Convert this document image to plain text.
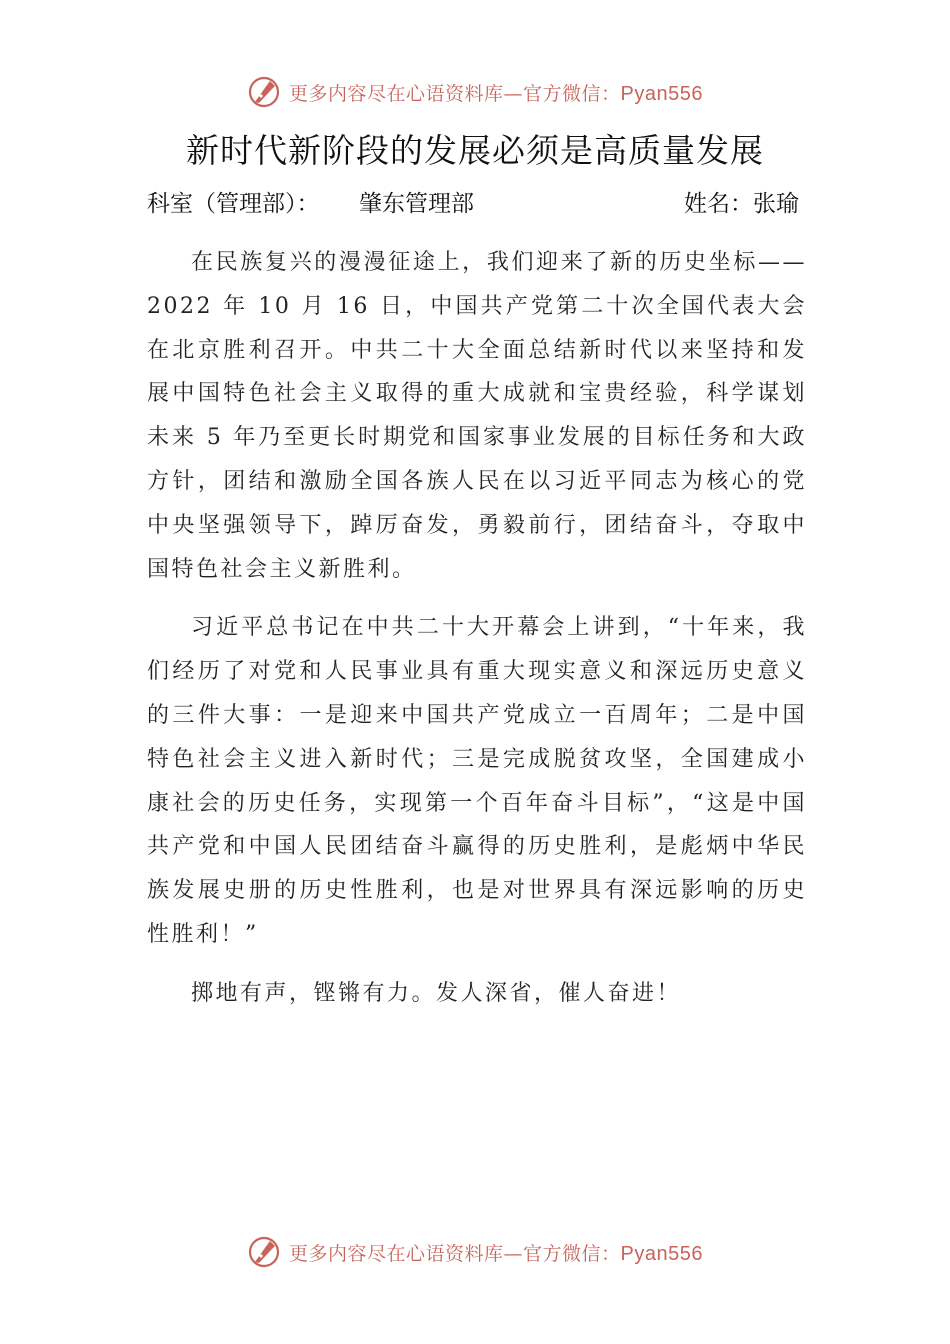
更多内容尽在心语资料库—官方微信：Pyan556
新时代新阶段的发展必须是高质量发展
科室（管理部）： 肇东管理部	姓名：张瑜

在民族复兴的漫漫征途上，我们迎来了新的历史坐标——2022 年 10 月 16 日，中国共产党第二十次全国代表大会在北京胜利召开。中共二十大全面总结新时代以来坚持和发展中国特色社会主义取得的重大成就和宝贵经验，科学谋划未来 5 年乃至更长时期党和国家事业发展的目标任务和大政方针，团结和激励全国各族人民在以习近平同志为核心的党中央坚强领导下，踔厉奋发，勇毅前行，团结奋斗，夺取中国特色社会主义新胜利。

习近平总书记在中共二十大开幕会上讲到，“十年来，我们经历了对党和人民事业具有重大现实意义和深远历史意义的三件大事：一是迎来中国共产党成立一百周年；二是中国特色社会主义进入新时代；三是完成脱贫攻坚，全国建成小康社会的历史任务，实现第一个百年奋斗目标”，“这是中国共产党和中国人民团结奋斗赢得的历史胜利，是彪炳中华民族发展史册的历史性胜利，也是对世界具有深远影响的历史性胜利！”

掷地有声，铿锵有力。发人深省，催人奋进！

更多内容尽在心语资料库—官方微信：Pyan556
